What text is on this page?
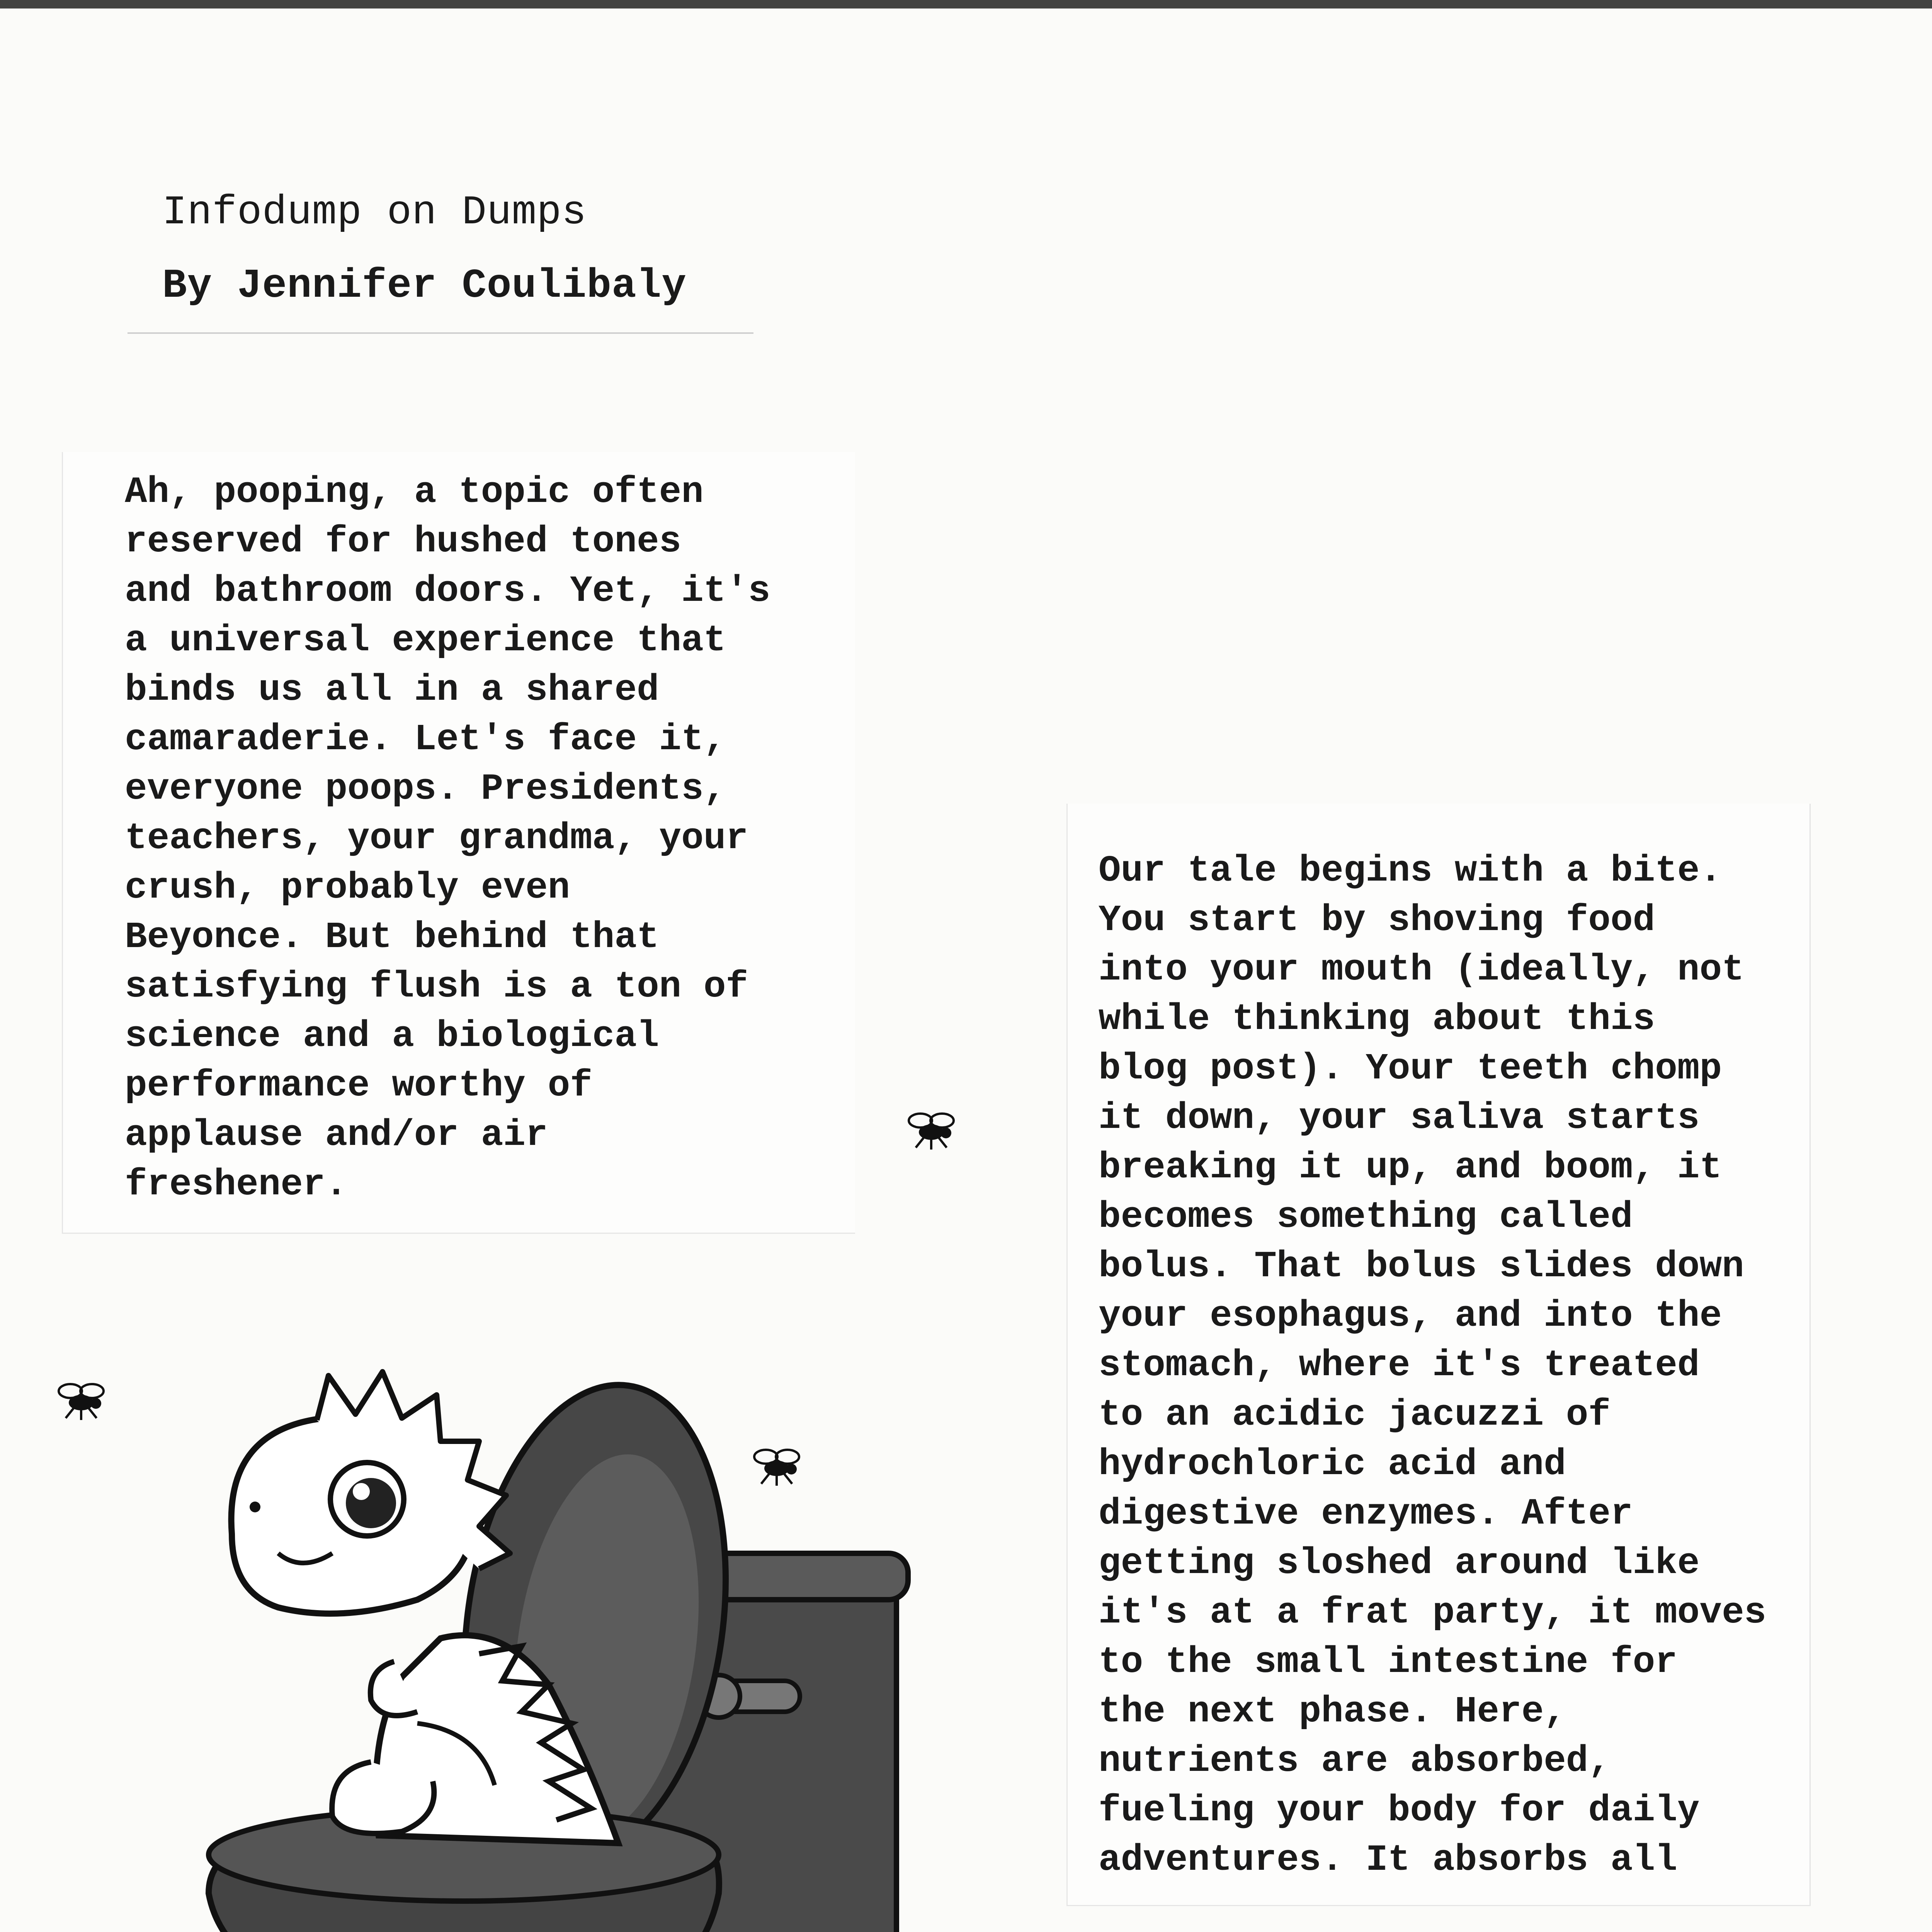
Infodump on Dumps
By Jennifer Coulibaly

Ah, pooping, a topic often
reserved for hushed tones
and bathroom doors. Yet, it's
a universal experience that
binds us all in a shared
camaraderie. Let's face it,
everyone poops. Presidents,
teachers, your grandma, your
crush, probably even
Beyonce. But behind that
satisfying flush is a ton of
science and a biological
performance worthy of
applause and/or air
freshener.

Our tale begins with a bite.
You start by shoving food
into your mouth (ideally, not
while thinking about this
blog post). Your teeth chomp
it down, your saliva starts
breaking it up, and boom, it
becomes something called
bolus. That bolus slides down
your esophagus, and into the
stomach, where it's treated
to an acidic jacuzzi of
hydrochloric acid and
digestive enzymes. After
getting sloshed around like
it's at a frat party, it moves
to the small intestine for
the next phase. Here,
nutrients are absorbed,
fueling your body for daily
adventures. It absorbs all
